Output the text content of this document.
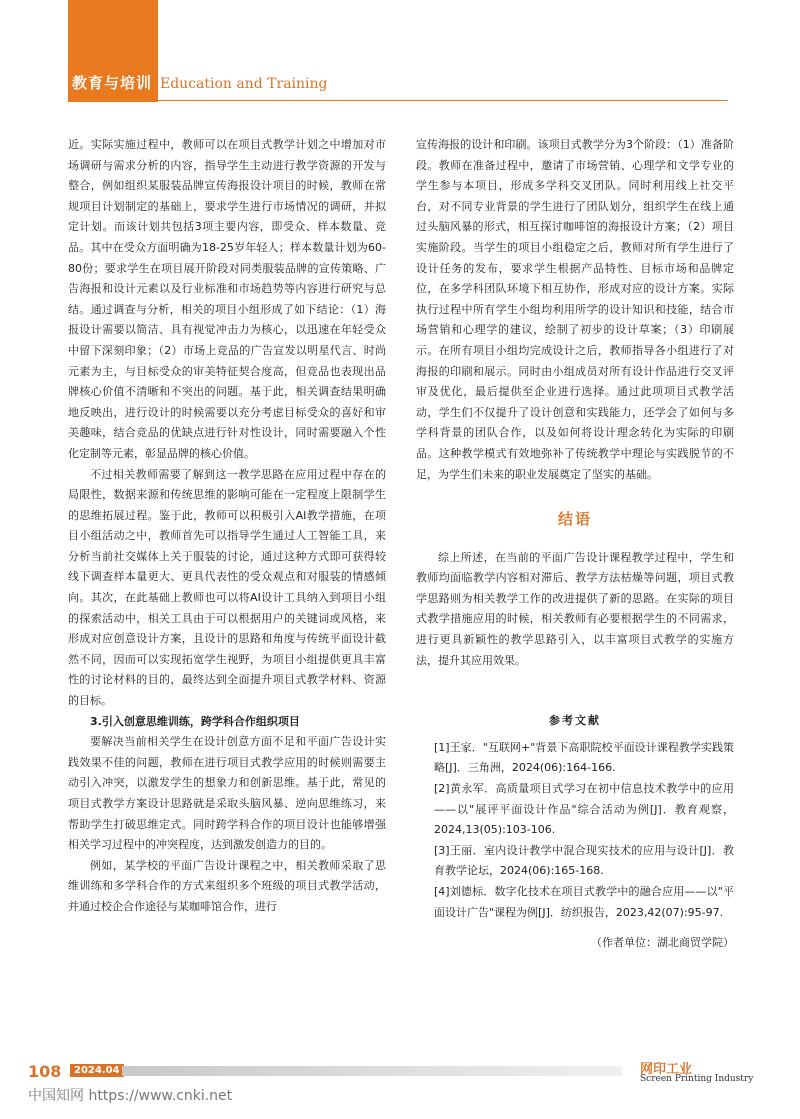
教育与培训 Education and Training

近。实际实施过程中，教师可以在项目式教学计划之中增加对市场调研与需求分析的内容，指导学生主动进行教学资源的开发与整合，例如组织某服装品牌宣传海报设计项目的时候，教师在常规项目计划制定的基础上，要求学生进行市场情况的调研，并拟定计划。而该计划共包括3项主要内容，即受众、样本数量、竞品。其中在受众方面明确为18-25岁年轻人；样本数量计划为60-80份；要求学生在项目展开阶段对同类服装品牌的宣传策略、广告海报和设计元素以及行业标准和市场趋势等内容进行研究与总结。通过调查与分析，相关的项目小组形成了如下结论：（1）海报设计需要以简洁、具有视觉冲击力为核心，以迅速在年轻受众中留下深刻印象；（2）市场上竞品的广告宣发以明星代言、时尚元素为主，与目标受众的审美特征契合度高，但竞品也表现出品牌核心价值不清晰和不突出的问题。基于此，相关调查结果明确地反映出，进行设计的时候需要以充分考虑目标受众的喜好和审美趣味，结合竞品的优缺点进行针对性设计，同时需要融入个性化定制等元素，彰显品牌的核心价值。

不过相关教师需要了解到这一教学思路在应用过程中存在的局限性，数据来源和传统思维的影响可能在一定程度上限制学生的思维拓展过程。鉴于此，教师可以积极引入AI教学措施，在项目小组活动之中，教师首先可以指导学生通过人工智能工具，来分析当前社交媒体上关于服装的讨论，通过这种方式即可获得较线下调查样本量更大、更具代表性的受众观点和对服装的情感倾向。其次，在此基础上教师也可以将AI设计工具纳入到项目小组的探索活动中，相关工具由于可以根据用户的关键词或风格，来形成对应创意设计方案，且设计的思路和角度与传统平面设计截然不同，因而可以实现拓宽学生视野，为项目小组提供更具丰富性的讨论材料的目的，最终达到全面提升项目式教学材料、资源的目标。

3.引入创意思维训练，跨学科合作组织项目

要解决当前相关学生在设计创意方面不足和平面广告设计实践效果不佳的问题，教师在进行项目式教学应用的时候则需要主动引入冲突，以激发学生的想象力和创新思维。基于此，常见的项目式教学方案设计思路就是采取头脑风暴、逆向思维练习，来帮助学生打破思维定式。同时跨学科合作的项目设计也能够增强相关学习过程中的冲突程度，达到激发创造力的目的。

例如，某学校的平面广告设计课程之中，相关教师采取了思维训练和多学科合作的方式来组织多个班级的项目式教学活动，并通过校企合作途径与某咖啡馆合作，进行

宣传海报的设计和印刷。该项目式教学分为3个阶段：（1）准备阶段。教师在准备过程中，邀请了市场营销、心理学和文学专业的学生参与本项目，形成多学科交叉团队。同时利用线上社交平台，对不同专业背景的学生进行了团队划分，组织学生在线上通过头脑风暴的形式，相互探讨咖啡馆的海报设计方案；（2）项目实施阶段。当学生的项目小组稳定之后，教师对所有学生进行了设计任务的发布，要求学生根据产品特性、目标市场和品牌定位，在多学科团队环境下相互协作，形成对应的设计方案。实际执行过程中所有学生小组均利用所学的设计知识和技能，结合市场营销和心理学的建议，绘制了初步的设计草案；（3）印刷展示。在所有项目小组均完成设计之后，教师指导各小组进行了对海报的印刷和展示。同时由小组成员对所有设计作品进行交叉评审及优化，最后提供至企业进行选择。通过此项项目式教学活动，学生们不仅提升了设计创意和实践能力，还学会了如何与多学科背景的团队合作，以及如何将设计理念转化为实际的印刷品。这种教学模式有效地弥补了传统教学中理论与实践脱节的不足，为学生们未来的职业发展奠定了坚实的基础。

结语

综上所述，在当前的平面广告设计课程教学过程中，学生和教师均面临教学内容相对滞后、教学方法枯燥等问题，项目式教学思路则为相关教学工作的改进提供了新的思路。在实际的项目式教学措施应用的时候，相关教师有必要根据学生的不同需求，进行更具新颖性的教学思路引入，以丰富项目式教学的实施方法，提升其应用效果。

参考文献

[1]王家．"互联网+"背景下高职院校平面设计课程教学实践策略[J]．三角洲，2024(06):164-166.

[2]黄永军．高质量项目式学习在初中信息技术教学中的应用——以"展评平面设计作品"综合活动为例[J]．教育观察，2024,13(05):103-106.

[3]王丽．室内设计教学中混合现实技术的应用与设计[J]．教育教学论坛，2024(06):165-168.

[4]刘德标．数字化技术在项目式教学中的融合应用——以"平面设计广告"课程为例[J]．纺织报告，2023,42(07):95-97.

（作者单位：湖北商贸学院）
108	2024.04	网印工业
Screen Printing Industry
中国知网 https://www.cnki.net
